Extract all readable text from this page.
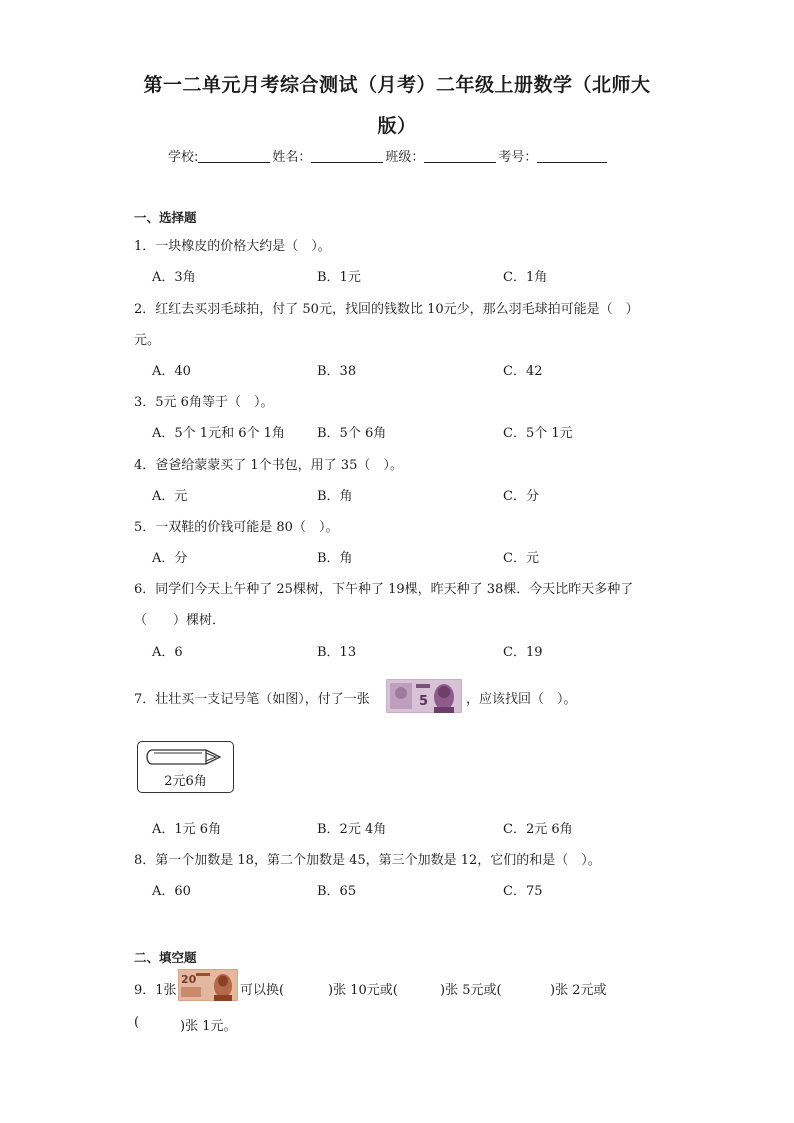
第一二单元月考综合测试（月考）二年级上册数学（北师大
版）
学校:	姓名：	班级：	考号：
一、选择题
1．一块橡皮的价格大约是（　）。
A．3角	B．1元	C．1角
2．红红去买羽毛球拍，付了 50元，找回的钱数比 10元少，那么羽毛球拍可能是（　）
元。
A．40	B．38	C．42
3．5元 6角等于（　）。
A．5个 1元和 6个 1角 B．5个 6角	C．5个 1元
4．爸爸给蒙蒙买了 1个书包，用了 35（　）。
A．元	B．角	C．分
5．一双鞋的价钱可能是 80（　）。
A．分	B．角	C．元
6．同学们今天上午种了 25棵树，下午种了 19棵，昨天种了 38棵．今天比昨天多种了
（　　）棵树．
A．6	B．13	C．19
7．壮壮买一支记号笔（如图），付了一张	5	，应该找回（　）。
2元6角
A．1元 6角	B．2元 4角	C．2元 6角
8．第一个加数是 18，第二个加数是 45，第三个加数是 12，它们的和是（　）。
A．60	B．65	C．75
二、填空题
9．1张
20
可以换(	)张 10元或(	)张 5元或(	)张 2元或
(	)张 1元。
